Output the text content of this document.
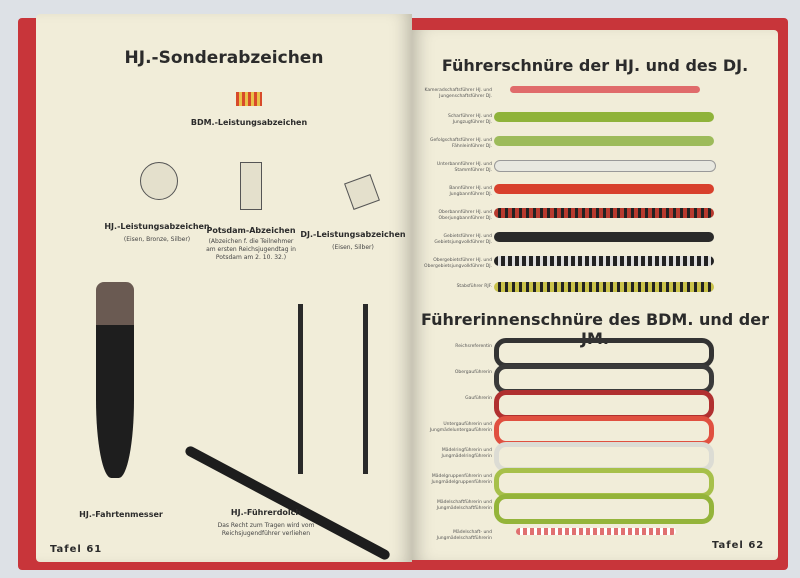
HJ.-Sonderabzeichen
BDM.-Leistungsabzeichen
HJ.-Leistungsabzeichen
(Eisen, Bronze, Silber)
Potsdam-Abzeichen
(Abzeichen f. die Teilnehmer am ersten Reichsjugendtag in Potsdam am 2. 10. 32.)
DJ.-Leistungsabzeichen
(Eisen, Silber)
HJ.-Fahrtenmesser	HJ.-Führerdolch
Das Recht zum Tragen wird vom Reichsjugendführer verliehen
Tafel 61
Führerschnüre der HJ. und des DJ.
Kameradschaftsführer HJ. und Jungenschaftsführer DJ.
Scharführer HJ. und Jungzugführer DJ.
Gefolgschaftsführer HJ. und Fähnleinführer DJ.
Unterbannführer HJ. und Stammführer DJ.
Bannführer HJ. und Jungbannführer DJ.
Oberbannführer HJ. und Oberjungbannführer DJ.
Gebietsführer HJ. und Gebietsjungvolkführer DJ.
Obergebietsführer HJ. und Obergebietsjungvolkführer DJ.
Stabsführer RJF.
Führerinnenschnüre des BDM. und der JM.
Reichsreferentin
Obergauführerin
Gauführerin
Untergauführerin und Jungmädeluntergauführerin
Mädelringführerin und Jungmädelringführerin
Mädelgruppenführerin und Jungmädelgruppenführerin
Mädelschaftführerin und Jungmädelschaftführerin
Mädelschaft- und Jungmädelschaftführerin
Tafel 62
